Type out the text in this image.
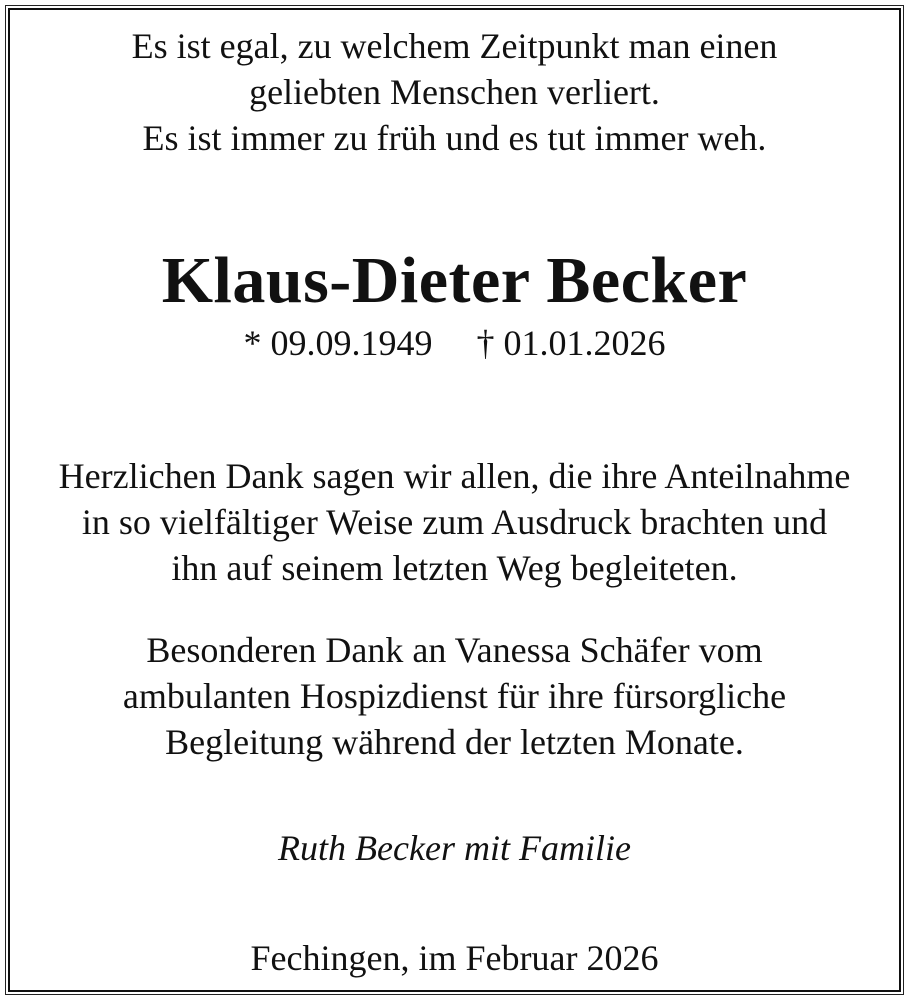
Es ist egal, zu welchem Zeitpunkt man einen
geliebten Menschen verliert.
Es ist immer zu früh und es tut immer weh.
Klaus-Dieter Becker
* 09.09.1949 † 01.01.2026
Herzlichen Dank sagen wir allen, die ihre Anteilnahme
in so vielfältiger Weise zum Ausdruck brachten und
ihn auf seinem letzten Weg begleiteten.
Besonderen Dank an Vanessa Schäfer vom
ambulanten Hospizdienst für ihre fürsorgliche
Begleitung während der letzten Monate.
Ruth Becker mit Familie
Fechingen, im Februar 2026
